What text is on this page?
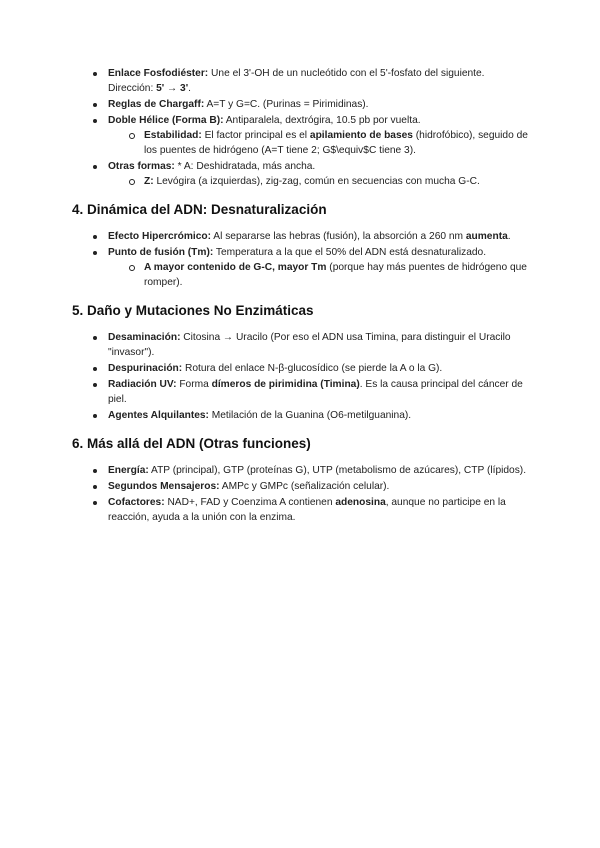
Enlace Fosfodiéster: Une el 3'-OH de un nucleótido con el 5'-fosfato del siguiente. Dirección: 5' → 3'.
Reglas de Chargaff: A=T y G=C. (Purinas = Pirimidinas).
Doble Hélice (Forma B): Antiparalela, dextrógira, 10.5 pb por vuelta.
Estabilidad: El factor principal es el apilamiento de bases (hidrofóbico), seguido de los puentes de hidrógeno (A=T tiene 2; G$\equiv$C tiene 3).
Otras formas: * A: Deshidratada, más ancha.
Z: Levógira (a izquierdas), zig-zag, común en secuencias con mucha G-C.
4. Dinámica del ADN: Desnaturalización
Efecto Hipercrómico: Al separarse las hebras (fusión), la absorción a 260 nm aumenta.
Punto de fusión (Tm): Temperatura a la que el 50% del ADN está desnaturalizado.
A mayor contenido de G-C, mayor Tm (porque hay más puentes de hidrógeno que romper).
5. Daño y Mutaciones No Enzimáticas
Desaminación: Citosina → Uracilo (Por eso el ADN usa Timina, para distinguir el Uracilo "invasor").
Despurinación: Rotura del enlace N-β-glucosídico (se pierde la A o la G).
Radiación UV: Forma dímeros de pirimidina (Timina). Es la causa principal del cáncer de piel.
Agentes Alquilantes: Metilación de la Guanina (O6-metilguanina).
6. Más allá del ADN (Otras funciones)
Energía: ATP (principal), GTP (proteínas G), UTP (metabolismo de azúcares), CTP (lípidos).
Segundos Mensajeros: AMPc y GMPc (señalización celular).
Cofactores: NAD+, FAD y Coenzima A contienen adenosina, aunque no participe en la reacción, ayuda a la unión con la enzima.
